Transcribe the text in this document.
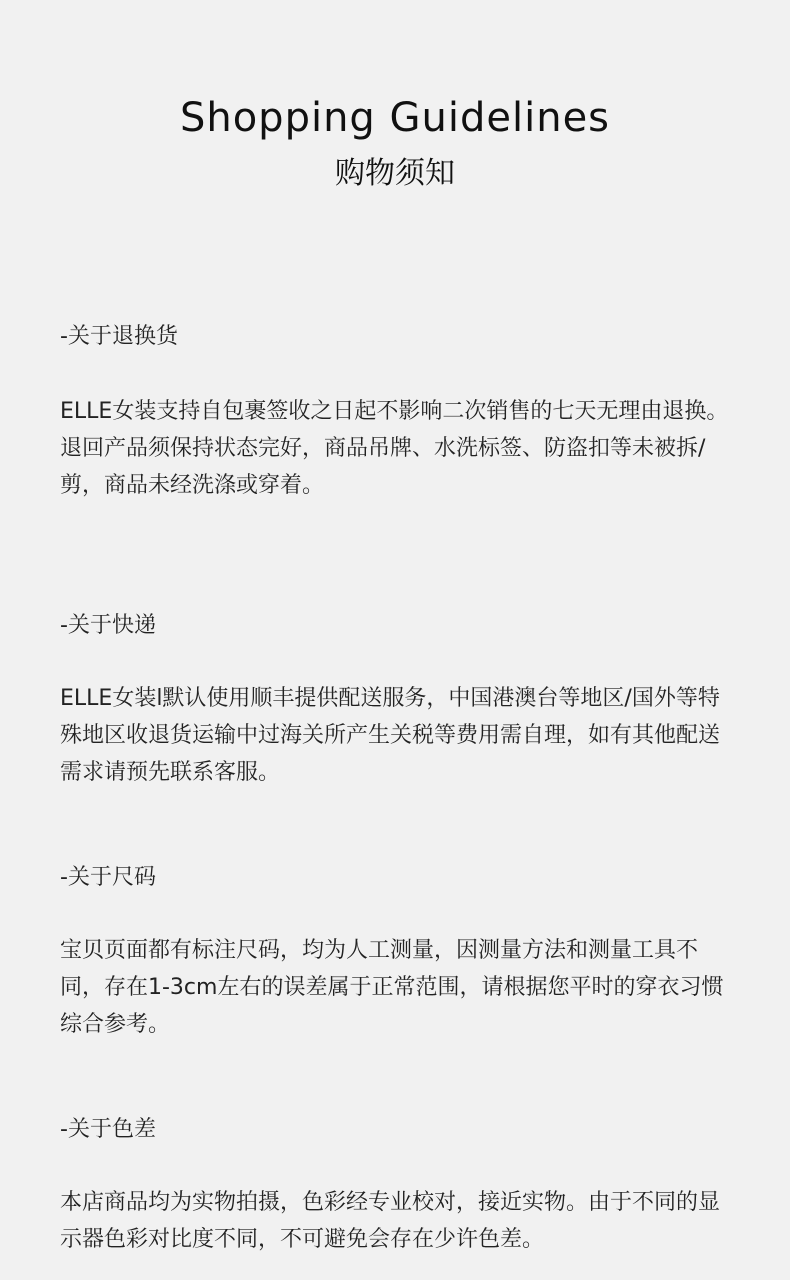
Shopping Guidelines
购物须知
-关于退换货

ELLE女装支持自包裹签收之日起不影响二次销售的七天无理由退换。

退回产品须保持状态完好，商品吊牌、水洗标签、防盗扣等未被拆/剪，商品未经洗涤或穿着。

-关于快递

ELLE女装l默认使用顺丰提供配送服务，中国港澳台等地区/国外等特殊地区收退货运输中过海关所产生关税等费用需自理，如有其他配送需求请预先联系客服。

-关于尺码

宝贝页面都有标注尺码，均为人工测量，因测量方法和测量工具不同，存在1-3cm左右的误差属于正常范围，请根据您平时的穿衣习惯综合参考。

-关于色差

本店商品均为实物拍摄，色彩经专业校对，接近实物。由于不同的显示器色彩对比度不同，不可避免会存在少许色差。
